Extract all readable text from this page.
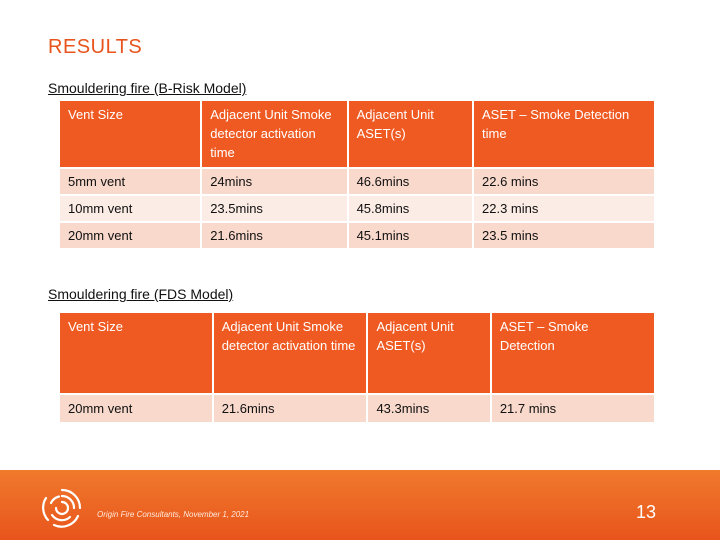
RESULTS
Smouldering fire (B-Risk Model)
Vent Size	Adjacent Unit Smoke detector activation time	Adjacent Unit ASET(s)	ASET – Smoke Detection time
5mm vent	24mins	46.6mins	22.6 mins
10mm vent	23.5mins	45.8mins	22.3 mins
20mm vent	21.6mins	45.1mins	23.5 mins
Smouldering fire (FDS Model)
Vent Size	Adjacent Unit Smoke detector activation time	Adjacent Unit ASET(s)	ASET – Smoke Detection
20mm vent	21.6mins	43.3mins	21.7 mins
Origin Fire Consultants, November 1, 2021	13
